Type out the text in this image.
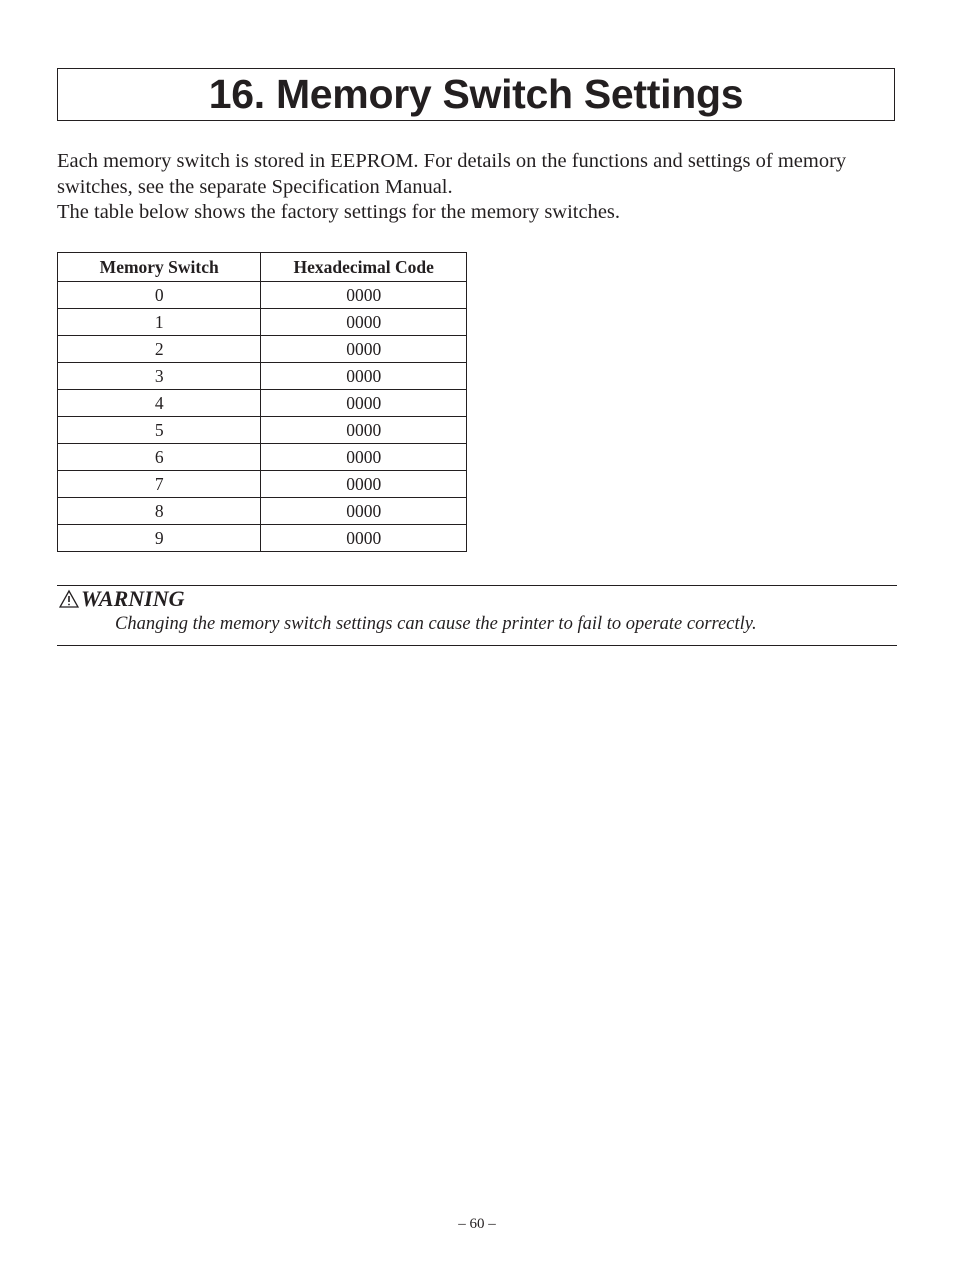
16. Memory Switch Settings

Each memory switch is stored in EEPROM. For details on the functions and settings of memory switches, see the separate Specification Manual.

The table below shows the factory settings for the memory switches.

Memory Switch	Hexadecimal Code
0	0000
1	0000
2	0000
3	0000
4	0000
5	0000
6	0000
7	0000
8	0000
9	0000
WARNING
Changing the memory switch settings can cause the printer to fail to operate correctly.
– 60 –
